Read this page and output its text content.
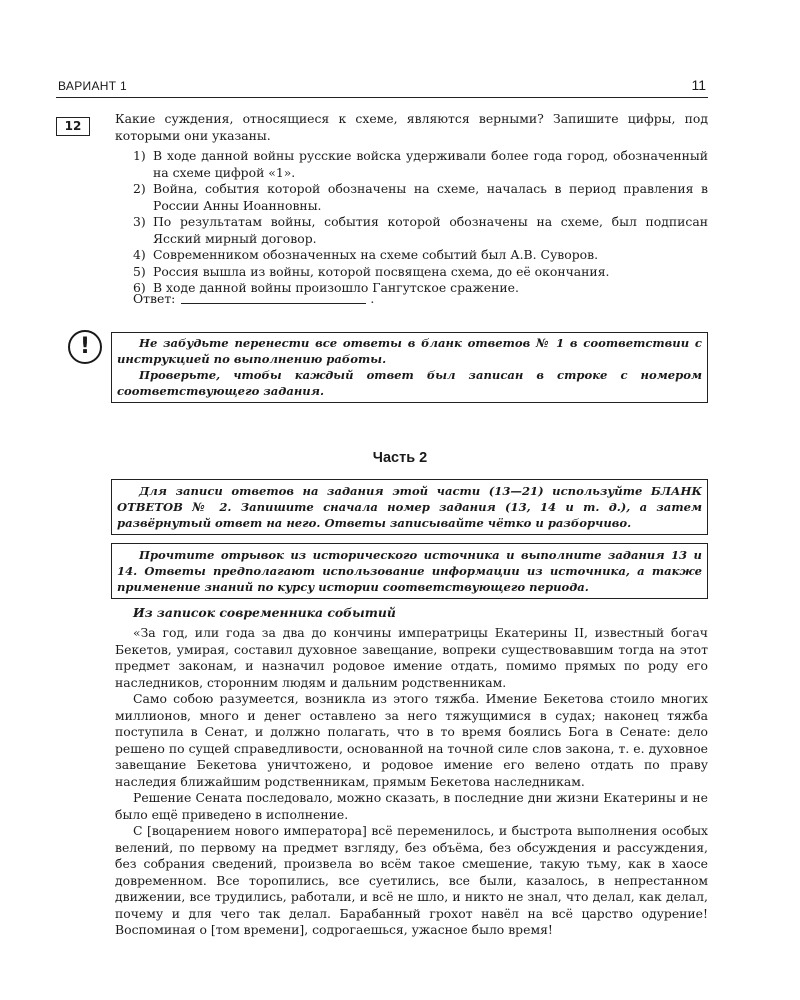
ВАРИАНТ 1	11
12	Какие суждения, относящиеся к схеме, являются верными? Запишите цифры, под которыми они указаны.
1) В ходе данной войны русские войска удерживали более года город, обозначенный на схеме цифрой «1».
2) Война, события которой обозначены на схеме, началась в период правления в России Анны Иоанновны.
3) По результатам войны, события которой обозначены на схеме, был подписан Ясский мирный договор.
4) Современником обозначенных на схеме событий был А.В. Суворов.
5) Россия вышла из войны, которой посвящена схема, до её окончания.
6) В ходе данной войны произошло Гангутское сражение.
Ответ:	.
!	Не забудьте перенести все ответы в бланк ответов № 1 в соответствии с инструкцией по выполнению работы.

Проверьте, чтобы каждый ответ был записан в строке с номером соответствующего задания.

Часть 2

Для записи ответов на задания этой части (13—21) используйте БЛАНК ОТВЕТОВ № 2. Запишите сначала номер задания (13, 14 и т. д.), а затем развёрнутый ответ на него. Ответы записывайте чётко и разборчиво.

Прочтите отрывок из исторического источника и выполните задания 13 и 14. Ответы предполагают использование информации из источника, а также применение знаний по курсу истории соответствующего периода.

Из записок современника событий

«За год, или года за два до кончины императрицы Екатерины II, известный богач Бекетов, умирая, составил духовное завещание, вопреки существовавшим тогда на этот предмет законам, и назначил родовое имение отдать, помимо прямых по роду его наследников, сторонним людям и дальним родственникам.

Само собою разумеется, возникла из этого тяжба. Имение Бекетова стоило многих миллионов, много и денег оставлено за него тяжущимися в судах; наконец тяжба поступила в Сенат, и должно полагать, что в то время боялись Бога в Сенате: дело решено по сущей справедливости, основанной на точной силе слов закона, т. е. духовное завещание Бекетова уничтожено, и родовое имение его велено отдать по праву наследия ближайшим родственникам, прямым Бекетова наследникам.

Решение Сената последовало, можно сказать, в последние дни жизни Екатерины и не было ещё приведено в исполнение.

С [воцарением нового императора] всё переменилось, и быстрота выполнения особых велений, по первому на предмет взгляду, без объёма, без обсуждения и рассуждения, без собрания сведений, произвела во всём такое смешение, такую тьму, как в хаосе довременном. Все торопились, все суетились, все были, казалось, в непрестанном движении, все трудились, работали, и всё не шло, и никто не знал, что делал, как делал, почему и для чего так делал. Барабанный грохот навёл на всё царство одурение! Воспоминая о [том времени], содрогаешься, ужасное было время!
